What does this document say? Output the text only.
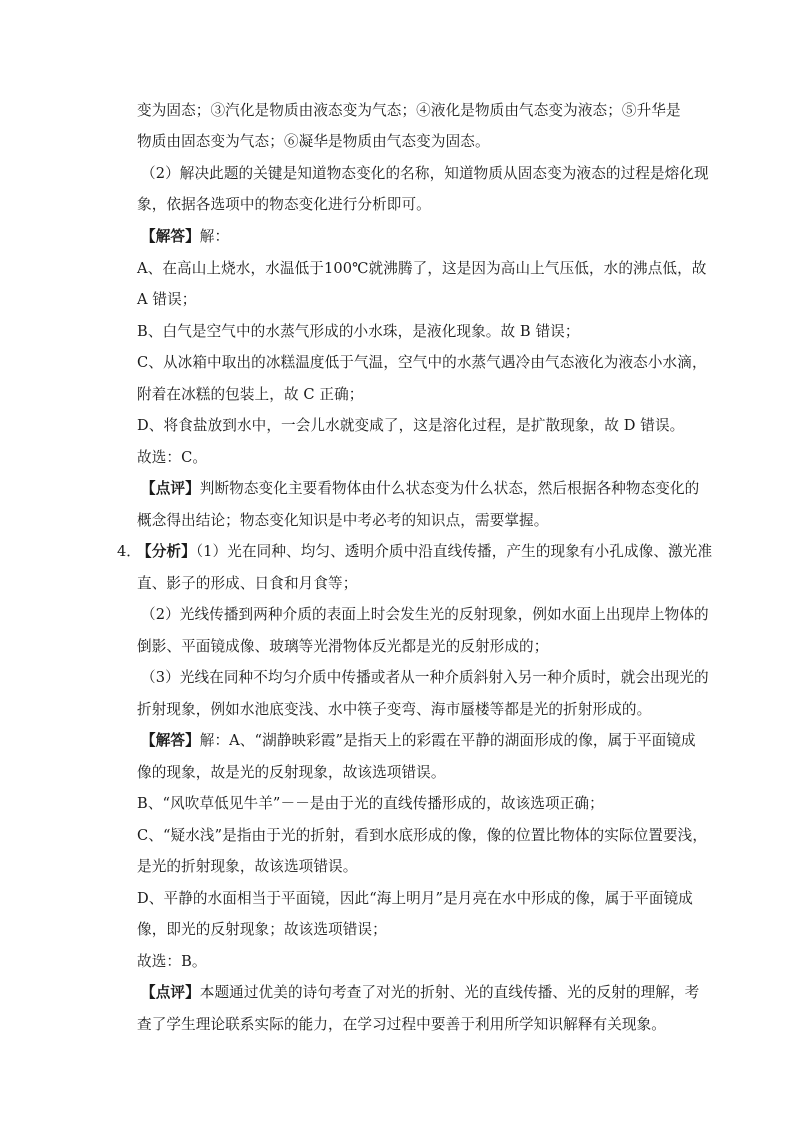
变为固态；③汽化是物质由液态变为气态；④液化是物质由气态变为液态；⑤升华是
物质由固态变为气态；⑥凝华是物质由气态变为固态。
（2）解决此题的关键是知道物态变化的名称，知道物质从固态变为液态的过程是熔化现
象，依据各选项中的物态变化进行分析即可。
【解答】解：
A、在高山上烧水，水温低于100℃就沸腾了，这是因为高山上气压低，水的沸点低，故
A 错误；
B、白气是空气中的水蒸气形成的小水珠，是液化现象。故 B 错误；
C、从冰箱中取出的冰糕温度低于气温，空气中的水蒸气遇冷由气态液化为液态小水滴，
附着在冰糕的包装上，故 C 正确；
D、将食盐放到水中，一会儿水就变咸了，这是溶化过程，是扩散现象，故 D 错误。
故选：C。
【点评】判断物态变化主要看物体由什么状态变为什么状态，然后根据各种物态变化的
概念得出结论；物态变化知识是中考必考的知识点，需要掌握。
4．
【分析】（1）光在同种、均匀、透明介质中沿直线传播，产生的现象有小孔成像、激光准
直、影子的形成、日食和月食等；
（2）光线传播到两种介质的表面上时会发生光的反射现象，例如水面上出现岸上物体的
倒影、平面镜成像、玻璃等光滑物体反光都是光的反射形成的；
（3）光线在同种不均匀介质中传播或者从一种介质斜射入另一种介质时，就会出现光的
折射现象，例如水池底变浅、水中筷子变弯、海市蜃楼等都是光的折射形成的。
【解答】解：A、“湖静映彩霞”是指天上的彩霞在平静的湖面形成的像，属于平面镜成
像的现象，故是光的反射现象，故该选项错误。
B、“风吹草低见牛羊”－－是由于光的直线传播形成的，故该选项正确；
C、“疑水浅”是指由于光的折射，看到水底形成的像，像的位置比物体的实际位置要浅，
是光的折射现象，故该选项错误。
D、平静的水面相当于平面镜，因此“海上明月”是月亮在水中形成的像，属于平面镜成
像，即光的反射现象；故该选项错误；
故选：B。
【点评】本题通过优美的诗句考查了对光的折射、光的直线传播、光的反射的理解，考
查了学生理论联系实际的能力，在学习过程中要善于利用所学知识解释有关现象。
